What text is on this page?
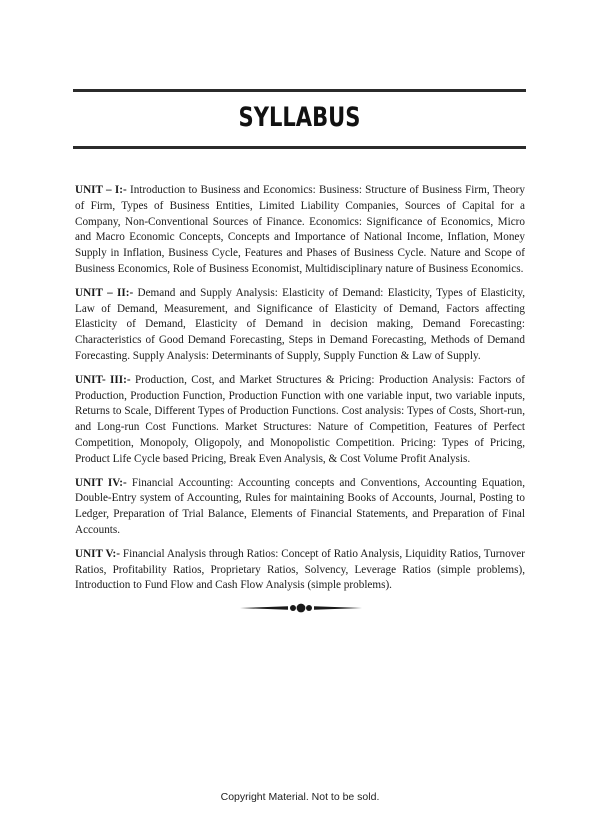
SYLLABUS

UNIT – I:- Introduction to Business and Economics: Business: Structure of Business Firm, Theory of Firm, Types of Business Entities, Limited Liability Companies, Sources of Capital for a Company, Non-Conventional Sources of Finance. Economics: Significance of Economics, Micro and Macro Economic Concepts, Concepts and Importance of National Income, Inflation, Money Supply in Inflation, Business Cycle, Features and Phases of Business Cycle. Nature and Scope of Business Economics, Role of Business Economist, Multidisciplinary nature of Business Economics.

UNIT – II:- Demand and Supply Analysis: Elasticity of Demand: Elasticity, Types of Elasticity, Law of Demand, Measurement, and Significance of Elasticity of Demand, Factors affecting Elasticity of Demand, Elasticity of Demand in decision making, Demand Forecasting: Characteristics of Good Demand Forecasting, Steps in Demand Forecasting, Methods of Demand Forecasting. Supply Analysis: Determinants of Supply, Supply Function & Law of Supply.

UNIT- III:- Production, Cost, and Market Structures & Pricing: Production Analysis: Factors of Production, Production Function, Production Function with one variable input, two variable inputs, Returns to Scale, Different Types of Production Functions. Cost analysis: Types of Costs, Short-run, and Long-run Cost Functions. Market Structures: Nature of Competition, Features of Perfect Competition, Monopoly, Oligopoly, and Monopolistic Competition. Pricing: Types of Pricing, Product Life Cycle based Pricing, Break Even Analysis, & Cost Volume Profit Analysis.

UNIT IV:- Financial Accounting: Accounting concepts and Conventions, Accounting Equation, Double-Entry system of Accounting, Rules for maintaining Books of Accounts, Journal, Posting to Ledger, Preparation of Trial Balance, Elements of Financial Statements, and Preparation of Final Accounts.

UNIT V:- Financial Analysis through Ratios: Concept of Ratio Analysis, Liquidity Ratios, Turnover Ratios, Profitability Ratios, Proprietary Ratios, Solvency, Leverage Ratios (simple problems), Introduction to Fund Flow and Cash Flow Analysis (simple problems).

Copyright Material. Not to be sold.
